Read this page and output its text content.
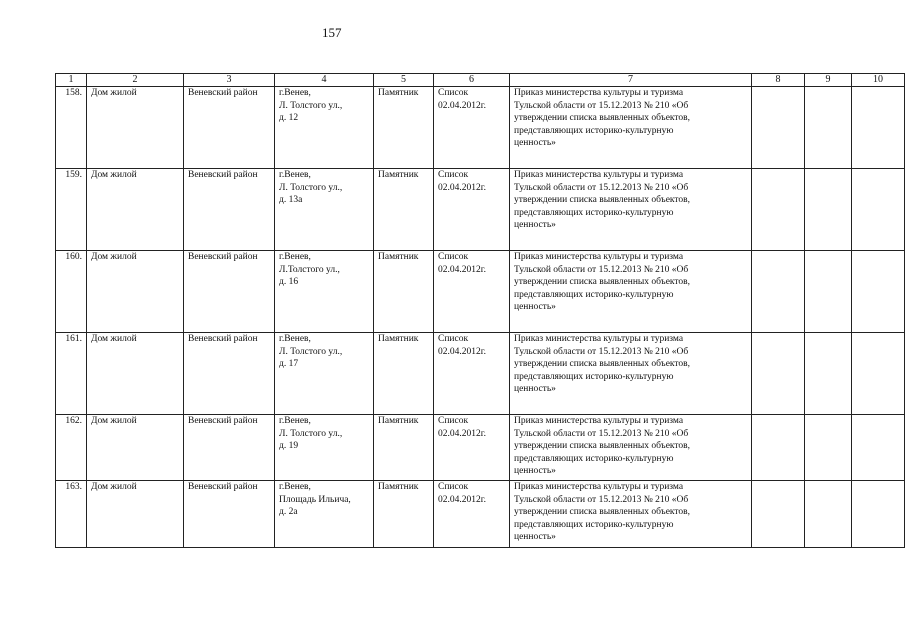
157
1	2	3	4	5	6	7	8	9	10
158.	Дом жилой	Веневский район	г.Венев,
Л. Толстого ул.,
д. 12	Памятник	Список
02.04.2012г.	Приказ министерства культуры и туризма
Тульской области от 15.12.2013 № 210 «Об
утверждении списка выявленных объектов,
представляющих историко-культурную
ценность»			

159.	Дом жилой	Веневский район	г.Венев,
Л. Толстого ул.,
д. 13а	Памятник	Список
02.04.2012г.	Приказ министерства культуры и туризма
Тульской области от 15.12.2013 № 210 «Об
утверждении списка выявленных объектов,
представляющих историко-культурную
ценность»			

160.	Дом жилой	Веневский район	г.Венев,
Л.Толстого ул.,
д. 16	Памятник	Список
02.04.2012г.	Приказ министерства культуры и туризма
Тульской области от 15.12.2013 № 210 «Об
утверждении списка выявленных объектов,
представляющих историко-культурную
ценность»			

161.	Дом жилой	Веневский район	г.Венев,
Л. Толстого ул.,
д. 17	Памятник	Список
02.04.2012г.	Приказ министерства культуры и туризма
Тульской области от 15.12.2013 № 210 «Об
утверждении списка выявленных объектов,
представляющих историко-культурную
ценность»			

162.	Дом жилой	Веневский район	г.Венев,
Л. Толстого ул.,
д. 19	Памятник	Список
02.04.2012г.	Приказ министерства культуры и туризма
Тульской области от 15.12.2013 № 210 «Об
утверждении списка выявленных объектов,
представляющих историко-культурную
ценность»			

163.	Дом жилой	Веневский район	г.Венев,
Площадь Ильича,
д. 2а	Памятник	Список
02.04.2012г.	Приказ министерства культуры и туризма
Тульской области от 15.12.2013 № 210 «Об
утверждении списка выявленных объектов,
представляющих историко-культурную
ценность»			
